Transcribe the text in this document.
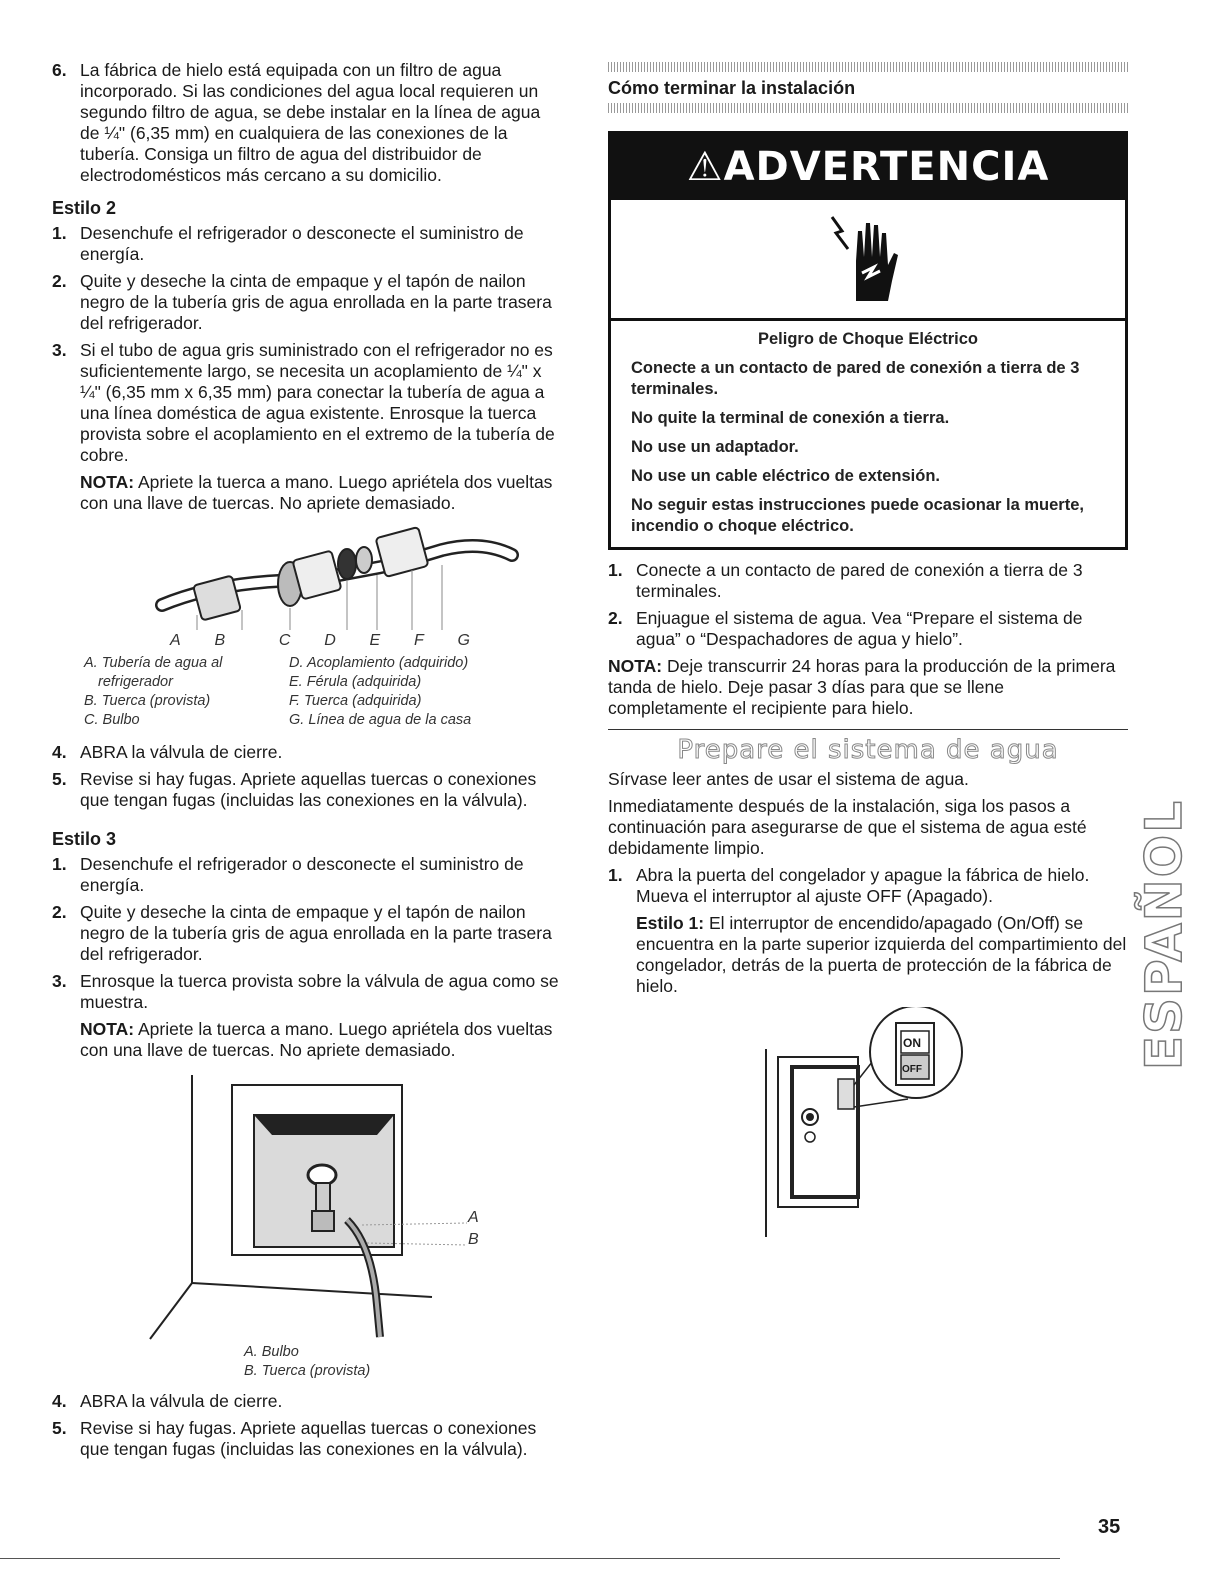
6. La fábrica de hielo está equipada con un filtro de agua incorporado. Si las condiciones del agua local requieren un segundo filtro de agua, se debe instalar en la línea de agua de ¼" (6,35 mm) en cualquiera de las conexiones de la tubería. Consiga un filtro de agua del distribuidor de electrodomésticos más cercano a su domicilio.
Estilo 2
1. Desenchufe el refrigerador o desconecte el suministro de energía.
2. Quite y deseche la cinta de empaque y el tapón de nailon negro de la tubería gris de agua enrollada en la parte trasera del refrigerador.
3. Si el tubo de agua gris suministrado con el refrigerador no es suficientemente largo, se necesita un acoplamiento de ¼" x ¼" (6,35 mm x 6,35 mm) para conectar la tubería de agua a una línea doméstica de agua existente. Enrosque la tuerca provista sobre el acoplamiento en el extremo de la tubería de cobre.
NOTA: Apriete la tuerca a mano. Luego apriétela dos vueltas con una llave de tuercas. No apriete demasiado.
A B	C D E F G
A. Tubería de agua al	D. Acoplamiento (adquirido)
refrigerador	E. Férula (adquirida)
B. Tuerca (provista)	F. Tuerca (adquirida)
C. Bulbo	G. Línea de agua de la casa
4. ABRA la válvula de cierre.
5. Revise si hay fugas. Apriete aquellas tuercas o conexiones que tengan fugas (incluidas las conexiones en la válvula).
Estilo 3
1. Desenchufe el refrigerador o desconecte el suministro de energía.
2. Quite y deseche la cinta de empaque y el tapón de nailon negro de la tubería gris de agua enrollada en la parte trasera del refrigerador.
3. Enrosque la tuerca provista sobre la válvula de agua como se muestra.
NOTA: Apriete la tuerca a mano. Luego apriétela dos vueltas con una llave de tuercas. No apriete demasiado.
A
B
A. Bulbo
B. Tuerca (provista)
4. ABRA la válvula de cierre.
5. Revise si hay fugas. Apriete aquellas tuercas o conexiones que tengan fugas (incluidas las conexiones en la válvula).
Cómo terminar la instalación
⚠ADVERTENCIA
Peligro de Choque Eléctrico

Conecte a un contacto de pared de conexión a tierra de 3 terminales.

No quite la terminal de conexión a tierra.

No use un adaptador.

No use un cable eléctrico de extensión.

No seguir estas instrucciones puede ocasionar la muerte, incendio o choque eléctrico.

1. Conecte a un contacto de pared de conexión a tierra de 3 terminales.
2. Enjuague el sistema de agua. Vea “Prepare el sistema de agua” o “Despachadores de agua y hielo”.
NOTA: Deje transcurrir 24 horas para la producción de la primera tanda de hielo. Deje pasar 3 días para que se llene completamente el recipiente para hielo.
Prepare el sistema de agua
Sírvase leer antes de usar el sistema de agua.
Inmediatamente después de la instalación, siga los pasos a continuación para asegurarse de que el sistema de agua esté debidamente limpio.
1. Abra la puerta del congelador y apague la fábrica de hielo. Mueva el interruptor al ajuste OFF (Apagado).
Estilo 1: El interruptor de encendido/apagado (On/Off) se encuentra en la parte superior izquierda del compartimiento del congelador, detrás de la puerta de protección de la fábrica de hielo.
ON
OFF	ESPAÑOL
35
